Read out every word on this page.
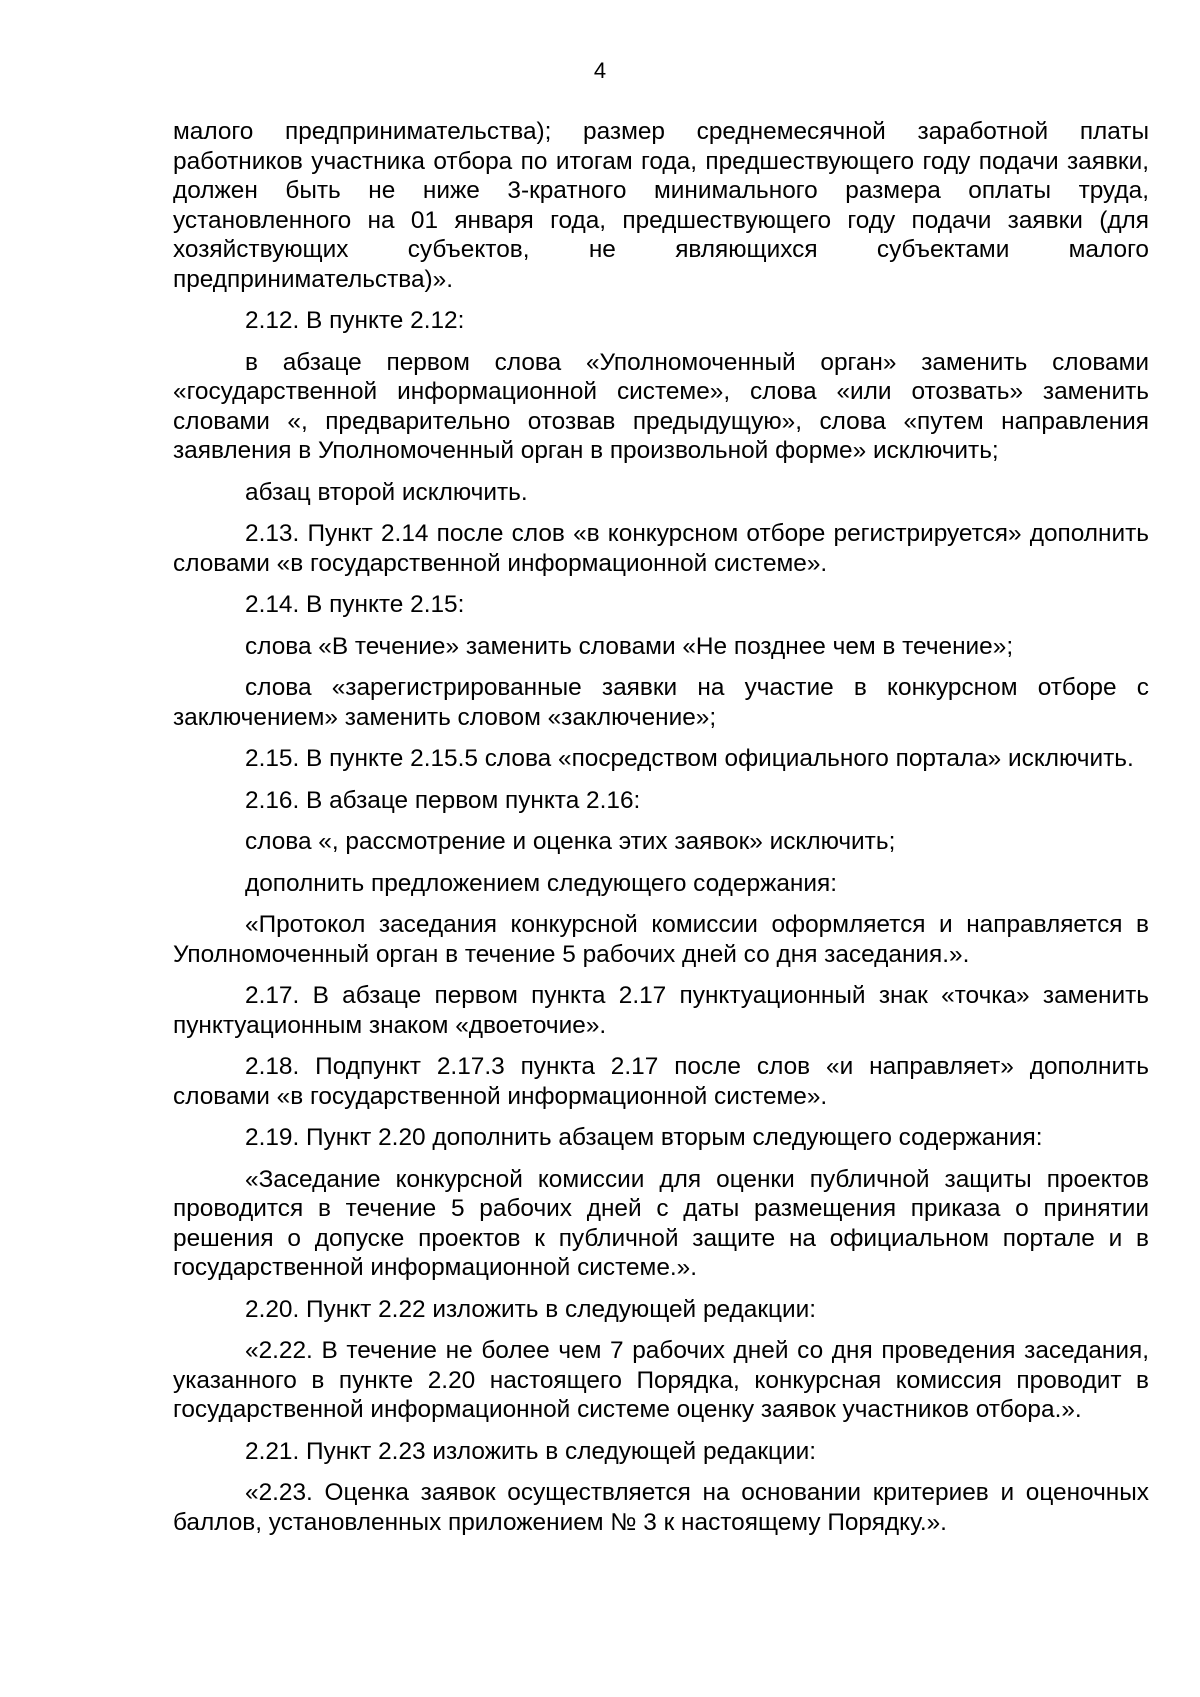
4

малого предпринимательства); размер среднемесячной заработной платы работников участника отбора по итогам года, предшествующего году подачи заявки, должен быть не ниже 3-кратного минимального размера оплаты труда, установленного на 01 января года, предшествующего году подачи заявки (для хозяйствующих субъектов, не являющихся субъектами малого предпринимательства)».

2.12. В пункте 2.12:

в абзаце первом слова «Уполномоченный орган» заменить словами «государственной информационной системе», слова «или отозвать» заменить словами «, предварительно отозвав предыдущую», слова «путем направления заявления в Уполномоченный орган в произвольной форме» исключить;

абзац второй исключить.

2.13. Пункт 2.14 после слов «в конкурсном отборе регистрируется» дополнить словами «в государственной информационной системе».

2.14. В пункте 2.15:

слова «В течение» заменить словами «Не позднее чем в течение»;

слова «зарегистрированные заявки на участие в конкурсном отборе с заключением» заменить словом «заключение»;

2.15. В пункте 2.15.5 слова «посредством официального портала» исключить.

2.16. В абзаце первом пункта 2.16:

слова «, рассмотрение и оценка этих заявок» исключить;

дополнить предложением следующего содержания:

«Протокол заседания конкурсной комиссии оформляется и направляется в Уполномоченный орган в течение 5 рабочих дней со дня заседания.».

2.17. В абзаце первом пункта 2.17 пунктуационный знак «точка» заменить пунктуационным знаком «двоеточие».

2.18. Подпункт 2.17.3 пункта 2.17 после слов «и направляет» дополнить словами «в государственной информационной системе».

2.19. Пункт 2.20 дополнить абзацем вторым следующего содержания:

«Заседание конкурсной комиссии для оценки публичной защиты проектов проводится в течение 5 рабочих дней с даты размещения приказа о принятии решения о допуске проектов к публичной защите на официальном портале и в государственной информационной системе.».

2.20. Пункт 2.22 изложить в следующей редакции:

«2.22. В течение не более чем 7 рабочих дней со дня проведения заседания, указанного в пункте 2.20 настоящего Порядка, конкурсная комиссия проводит в государственной информационной системе оценку заявок участников отбора.».

2.21. Пункт 2.23 изложить в следующей редакции:

«2.23. Оценка заявок осуществляется на основании критериев и оценочных баллов, установленных приложением № 3 к настоящему Порядку.».
